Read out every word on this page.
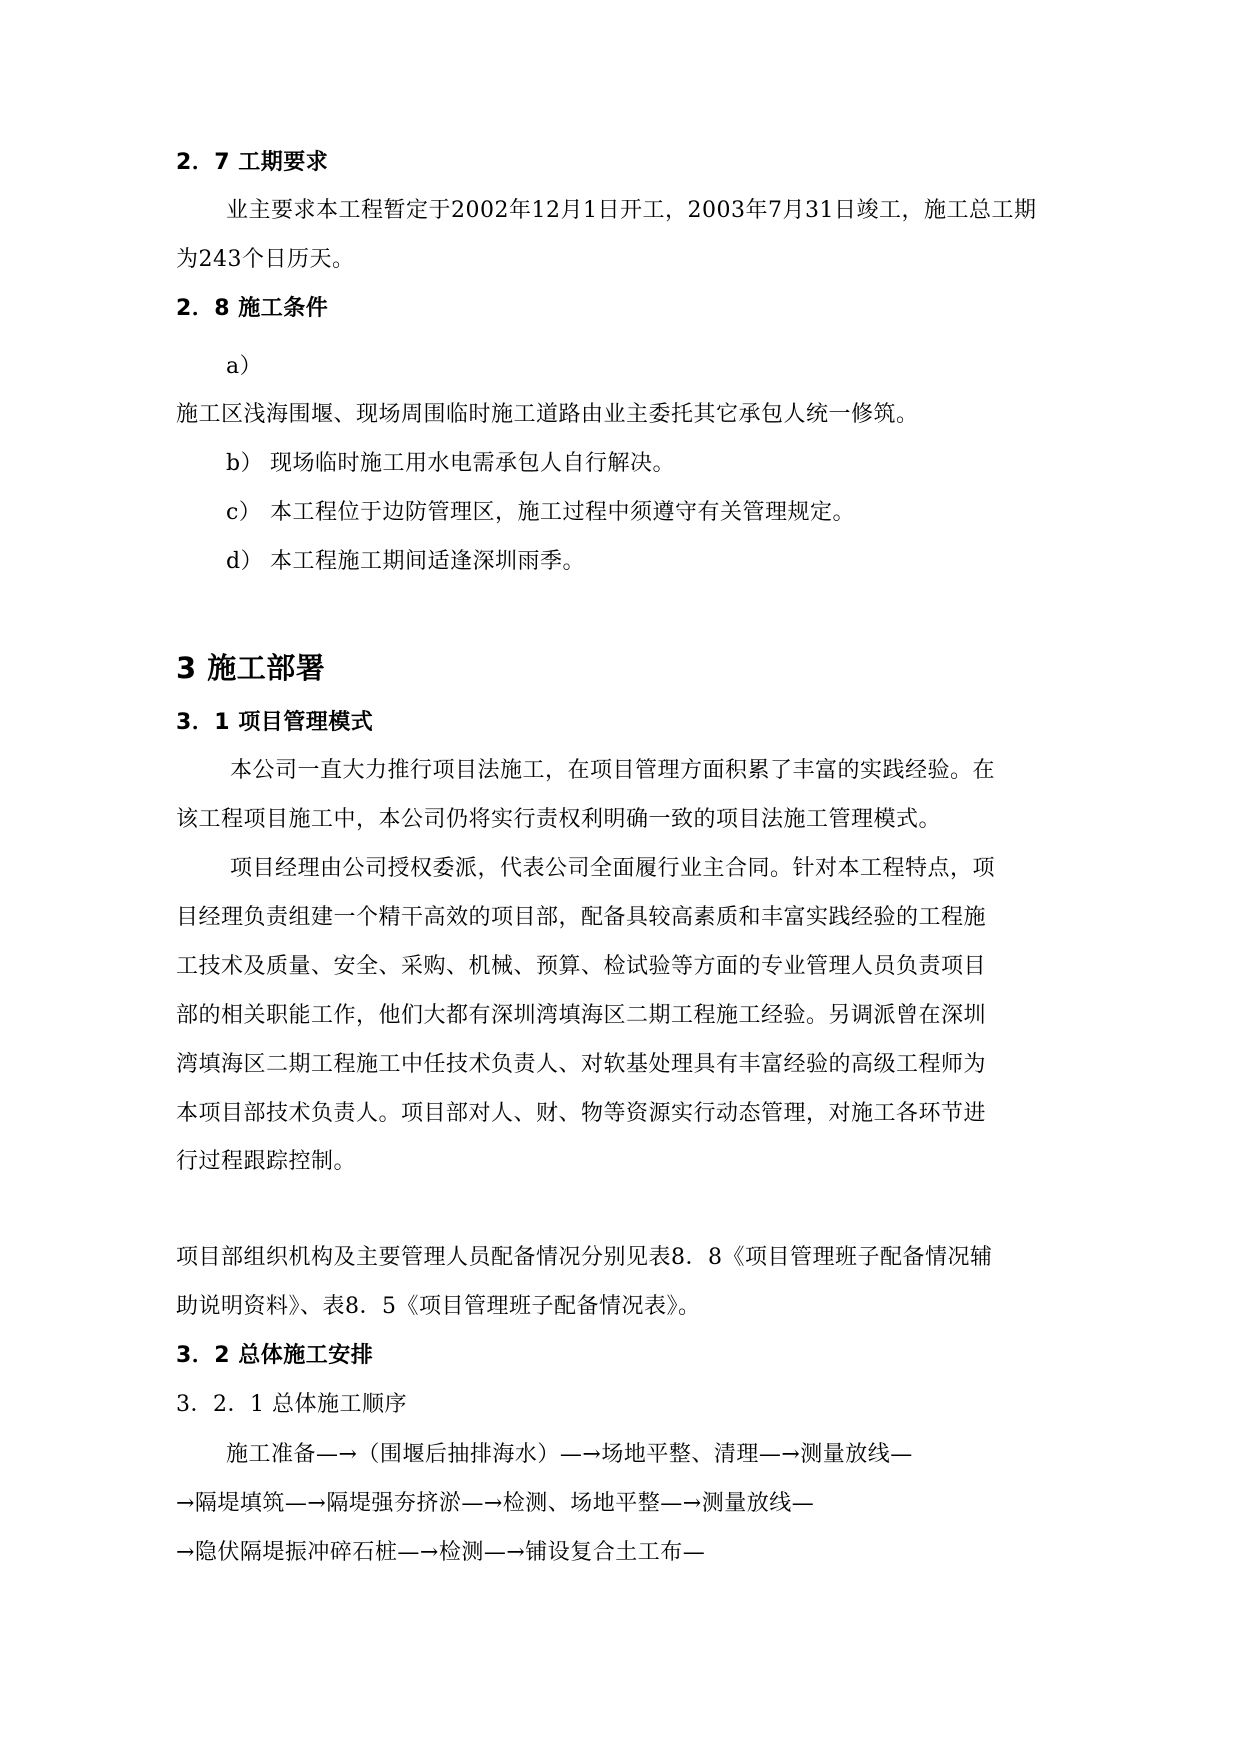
2．7 工期要求
业主要求本工程暂定于2002年12月1日开工，2003年7月31日竣工，施工总工期
为243个日历天。
2．8 施工条件
a）
施工区浅海围堰、现场周围临时施工道路由业主委托其它承包人统一修筑。
b） 现场临时施工用水电需承包人自行解决。
c） 本工程位于边防管理区，施工过程中须遵守有关管理规定。
d） 本工程施工期间适逢深圳雨季。
3 施工部署
3．1 项目管理模式
本公司一直大力推行项目法施工，在项目管理方面积累了丰富的实践经验。在
该工程项目施工中，本公司仍将实行责权利明确一致的项目法施工管理模式。
项目经理由公司授权委派，代表公司全面履行业主合同。针对本工程特点，项
目经理负责组建一个精干高效的项目部，配备具较高素质和丰富实践经验的工程施
工技术及质量、安全、采购、机械、预算、检试验等方面的专业管理人员负责项目
部的相关职能工作，他们大都有深圳湾填海区二期工程施工经验。另调派曾在深圳
湾填海区二期工程施工中任技术负责人、对软基处理具有丰富经验的高级工程师为
本项目部技术负责人。项目部对人、财、物等资源实行动态管理，对施工各环节进
行过程跟踪控制。
项目部组织机构及主要管理人员配备情况分别见表8．8《项目管理班子配备情况辅
助说明资料》、表8．5《项目管理班子配备情况表》。
3．2 总体施工安排
3．2．1 总体施工顺序
施工准备—→（围堰后抽排海水）—→场地平整、清理—→测量放线—
→隔堤填筑—→隔堤强夯挤淤—→检测、场地平整—→测量放线—
→隐伏隔堤振冲碎石桩—→检测—→铺设复合土工布—
